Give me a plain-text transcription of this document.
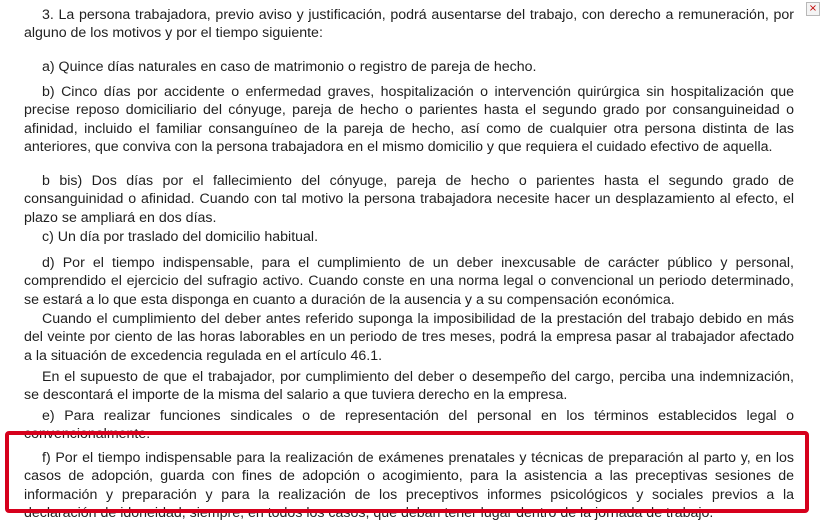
×

3. La persona trabajadora, previo aviso y justificación, podrá ausentarse del trabajo, con derecho a remuneración, por alguno de los motivos y por el tiempo siguiente:

a) Quince días naturales en caso de matrimonio o registro de pareja de hecho.

b) Cinco días por accidente o enfermedad graves, hospitalización o intervención quirúrgica sin hospitalización que precise reposo domiciliario del cónyuge, pareja de hecho o parientes hasta el segundo grado por consanguineidad o afinidad, incluido el familiar consanguíneo de la pareja de hecho, así como de cualquier otra persona distinta de las anteriores, que conviva con la persona trabajadora en el mismo domicilio y que requiera el cuidado efectivo de aquella.

b bis) Dos días por el fallecimiento del cónyuge, pareja de hecho o parientes hasta el segundo grado de consanguinidad o afinidad. Cuando con tal motivo la persona trabajadora necesite hacer un desplazamiento al efecto, el plazo se ampliará en dos días.

c) Un día por traslado del domicilio habitual.

d) Por el tiempo indispensable, para el cumplimiento de un deber inexcusable de carácter público y personal, comprendido el ejercicio del sufragio activo. Cuando conste en una norma legal o convencional un periodo determinado, se estará a lo que esta disponga en cuanto a duración de la ausencia y a su compensación económica.

Cuando el cumplimiento del deber antes referido suponga la imposibilidad de la prestación del trabajo debido en más del veinte por ciento de las horas laborables en un periodo de tres meses, podrá la empresa pasar al trabajador afectado a la situación de excedencia regulada en el artículo 46.1.

En el supuesto de que el trabajador, por cumplimiento del deber o desempeño del cargo, perciba una indemnización, se descontará el importe de la misma del salario a que tuviera derecho en la empresa.

e) Para realizar funciones sindicales o de representación del personal en los términos establecidos legal o convencionalmente.

f) Por el tiempo indispensable para la realización de exámenes prenatales y técnicas de preparación al parto y, en los casos de adopción, guarda con fines de adopción o acogimiento, para la asistencia a las preceptivas sesiones de información y preparación y para la realización de los preceptivos informes psicológicos y sociales previos a la declaración de idoneidad, siempre, en todos los casos, que deban tener lugar dentro de la jornada de trabajo.
